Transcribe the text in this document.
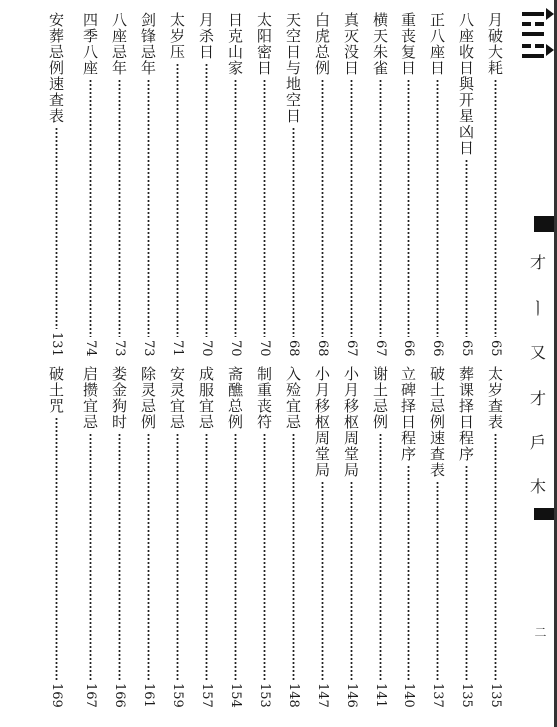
才
ㅣ
又
才
戶
木
二
月破大耗
65
八座收日與开星凶日
65
正八座日
66
重丧复日
66
横天朱雀
67
真灭没日
67
白虎总例
68
天空日与地空日
68
太阳密日
70
日克山家
70
月杀日
70
太岁压
71
剑锋忌年
73
八座忌年
73
四季八座
74
安葬忌例速查表
131
太岁查表
135
葬课择日程序
135
破土忌例速查表
137
立碑择日程序
140
谢土忌例
141
小月移枢周堂局
146
小月移枢周堂局
147
入殓宜忌
148
制重丧符
153
斋醮总例
154
成服宜忌
157
安灵宜忌
159
除灵忌例
161
娄金狗时
166
启攒宜忌
167
破土咒
169
